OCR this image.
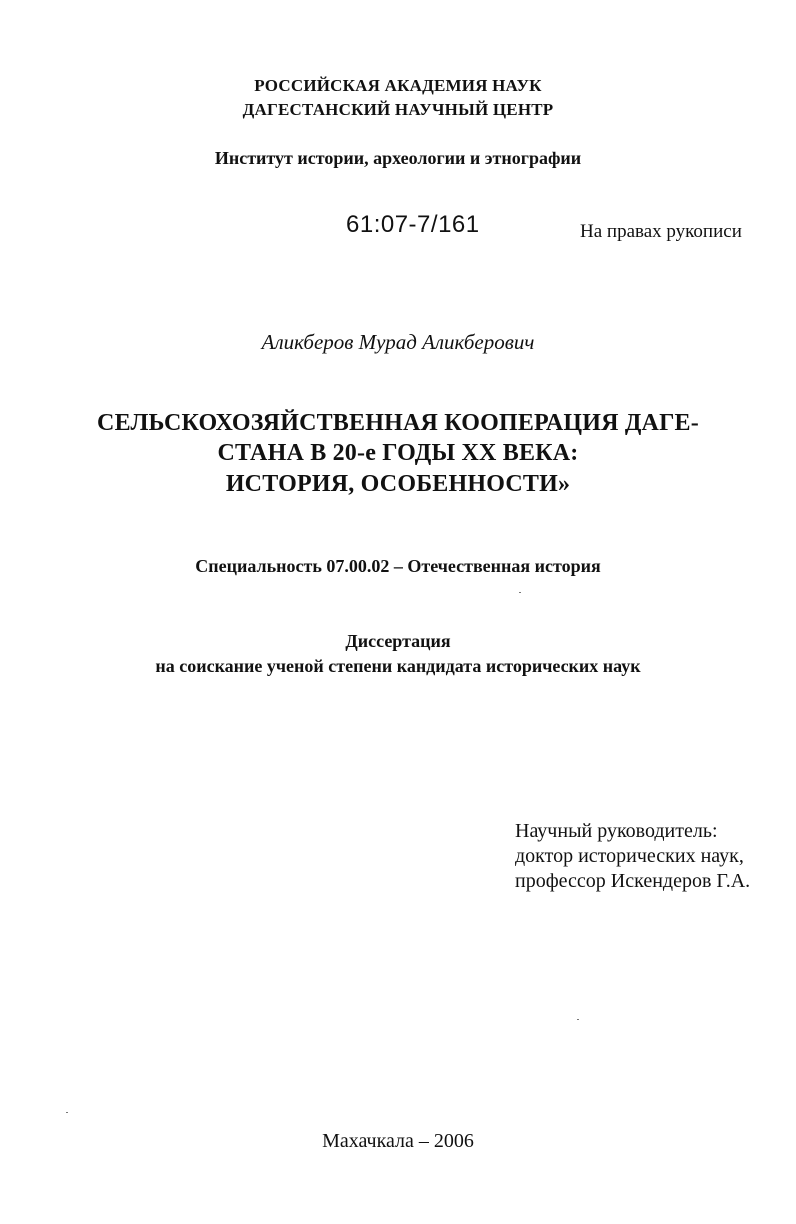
РОССИЙСКАЯ АКАДЕМИЯ НАУК
ДАГЕСТАНСКИЙ НАУЧНЫЙ ЦЕНТР
Институт истории, археологии и этнографии
61:07-7/161	На правах рукописи
Аликберов Мурад Аликберович
СЕЛЬСКОХОЗЯЙСТВЕННАЯ КООПЕРАЦИЯ ДАГЕ-
СТАНА В 20-е ГОДЫ XX ВЕКА:
ИСТОРИЯ, ОСОБЕННОСТИ»
Специальность 07.00.02 – Отечественная история
Диссертация
на соискание ученой степени кандидата исторических наук
Научный руководитель:
доктор исторических наук,
профессор Искендеров Г.А.
Махачкала – 2006
